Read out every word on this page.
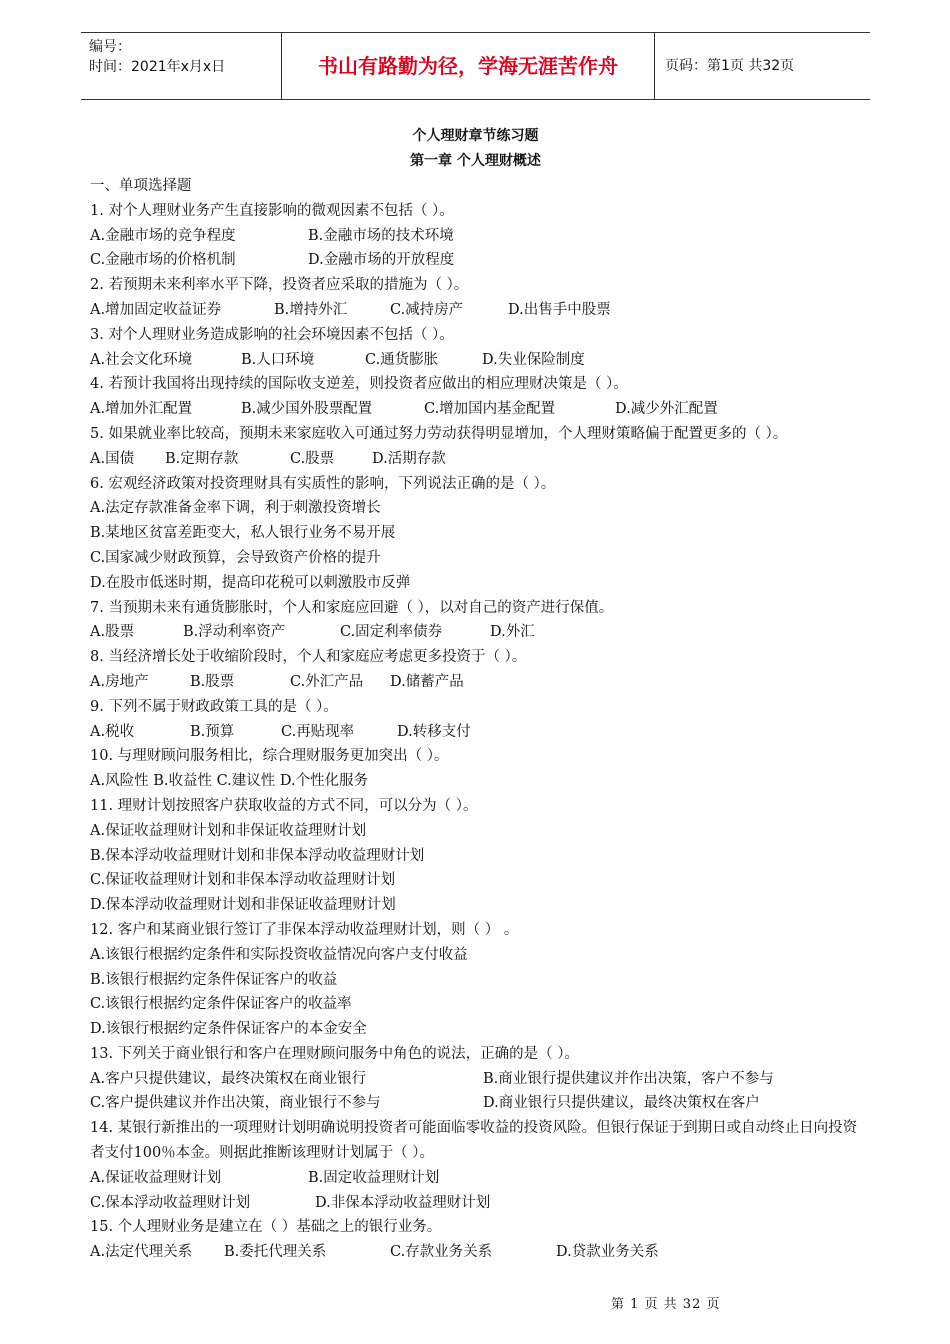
编号：
时间：2021年x月x日	书山有路勤为径，学海无涯苦作舟	页码：第1页 共32页
个人理财章节练习题
第一章 个人理财概述

一、单项选择题

1. 对个人理财业务产生直接影响的微观因素不包括（ ）。

A.金融市场的竞争程度	B.金融市场的技术环境

C.金融市场的价格机制	D.金融市场的开放程度

2. 若预期未来利率水平下降，投资者应采取的措施为（ ）。

A.增加固定收益证券	B.增持外汇	C.减持房产	D.出售手中股票

3. 对个人理财业务造成影响的社会环境因素不包括（ ）。

A.社会文化环境	B.人口环境	C.通货膨胀	D.失业保险制度

4. 若预计我国将出现持续的国际收支逆差，则投资者应做出的相应理财决策是（ ）。

A.增加外汇配置	B.减少国外股票配置	C.增加国内基金配置	D.减少外汇配置

5. 如果就业率比较高，预期未来家庭收入可通过努力劳动获得明显增加，个人理财策略偏于配置更多的（ ）。

A.国债 B.定期存款	C.股票	D.活期存款

6. 宏观经济政策对投资理财具有实质性的影响，下列说法正确的是（ ）。

A.法定存款准备金率下调，利于刺激投资增长

B.某地区贫富差距变大，私人银行业务不易开展

C.国家减少财政预算，会导致资产价格的提升

D.在股市低迷时期，提高印花税可以刺激股市反弹

7. 当预期未来有通货膨胀时，个人和家庭应回避（ ），以对自己的资产进行保值。

A.股票	B.浮动利率资产	C.固定利率债券	D.外汇

8. 当经济增长处于收缩阶段时，个人和家庭应考虑更多投资于（ ）。

A.房地产	B.股票	C.外汇产品 D.储蓄产品

9. 下列不属于财政政策工具的是（ ）。

A.税收	B.预算	C.再贴现率	D.转移支付

10. 与理财顾问服务相比，综合理财服务更加突出（ ）。

A.风险性 B.收益性 C.建议性 D.个性化服务

11. 理财计划按照客户获取收益的方式不同，可以分为（ ）。

A.保证收益理财计划和非保证收益理财计划

B.保本浮动收益理财计划和非保本浮动收益理财计划

C.保证收益理财计划和非保本浮动收益理财计划

D.保本浮动收益理财计划和非保证收益理财计划

12. 客户和某商业银行签订了非保本浮动收益理财计划，则（ ） 。

A.该银行根据约定条件和实际投资收益情况向客户支付收益

B.该银行根据约定条件保证客户的收益

C.该银行根据约定条件保证客户的收益率

D.该银行根据约定条件保证客户的本金安全

13. 下列关于商业银行和客户在理财顾问服务中角色的说法，正确的是（ ）。

A.客户只提供建议，最终决策权在商业银行	B.商业银行提供建议并作出决策，客户不参与

C.客户提供建议并作出决策，商业银行不参与	D.商业银行只提供建议，最终决策权在客户

14. 某银行新推出的一项理财计划明确说明投资者可能面临零收益的投资风险。但银行保证于到期日或自动终止日向投资者支付100％本金。则据此推断该理财计划属于（ ）。

A.保证收益理财计划	B.固定收益理财计划

C.保本浮动收益理财计划	D.非保本浮动收益理财计划

15. 个人理财业务是建立在（ ）基础之上的银行业务。

A.法定代理关系 B.委托代理关系	C.存款业务关系	D.贷款业务关系

第 1 页 共 32 页
